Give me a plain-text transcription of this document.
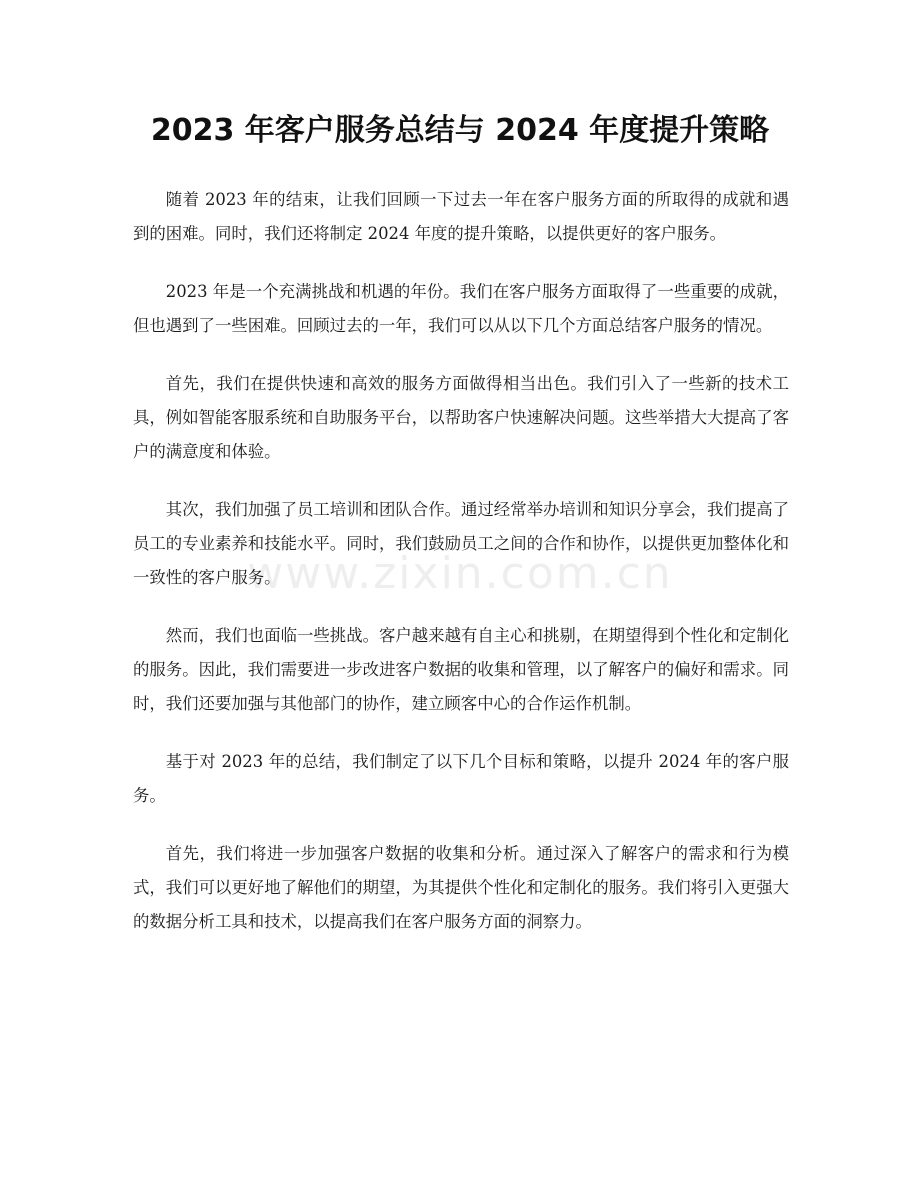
2023 年客户服务总结与 2024 年度提升策略
www.zixin.com.cn

随着 2023 年的结束，让我们回顾一下过去一年在客户服务方面的所取得的成就和遇到的困难。同时，我们还将制定 2024 年度的提升策略，以提供更好的客户服务。

2023 年是一个充满挑战和机遇的年份。我们在客户服务方面取得了一些重要的成就，但也遇到了一些困难。回顾过去的一年，我们可以从以下几个方面总结客户服务的情况。

首先，我们在提供快速和高效的服务方面做得相当出色。我们引入了一些新的技术工具，例如智能客服系统和自助服务平台，以帮助客户快速解决问题。这些举措大大提高了客户的满意度和体验。

其次，我们加强了员工培训和团队合作。通过经常举办培训和知识分享会，我们提高了员工的专业素养和技能水平。同时，我们鼓励员工之间的合作和协作，以提供更加整体化和一致性的客户服务。

然而，我们也面临一些挑战。客户越来越有自主心和挑剔，在期望得到个性化和定制化的服务。因此，我们需要进一步改进客户数据的收集和管理，以了解客户的偏好和需求。同时，我们还要加强与其他部门的协作，建立顾客中心的合作运作机制。

基于对 2023 年的总结，我们制定了以下几个目标和策略，以提升 2024 年的客户服务。

首先，我们将进一步加强客户数据的收集和分析。通过深入了解客户的需求和行为模式，我们可以更好地了解他们的期望，为其提供个性化和定制化的服务。我们将引入更强大的数据分析工具和技术，以提高我们在客户服务方面的洞察力。
